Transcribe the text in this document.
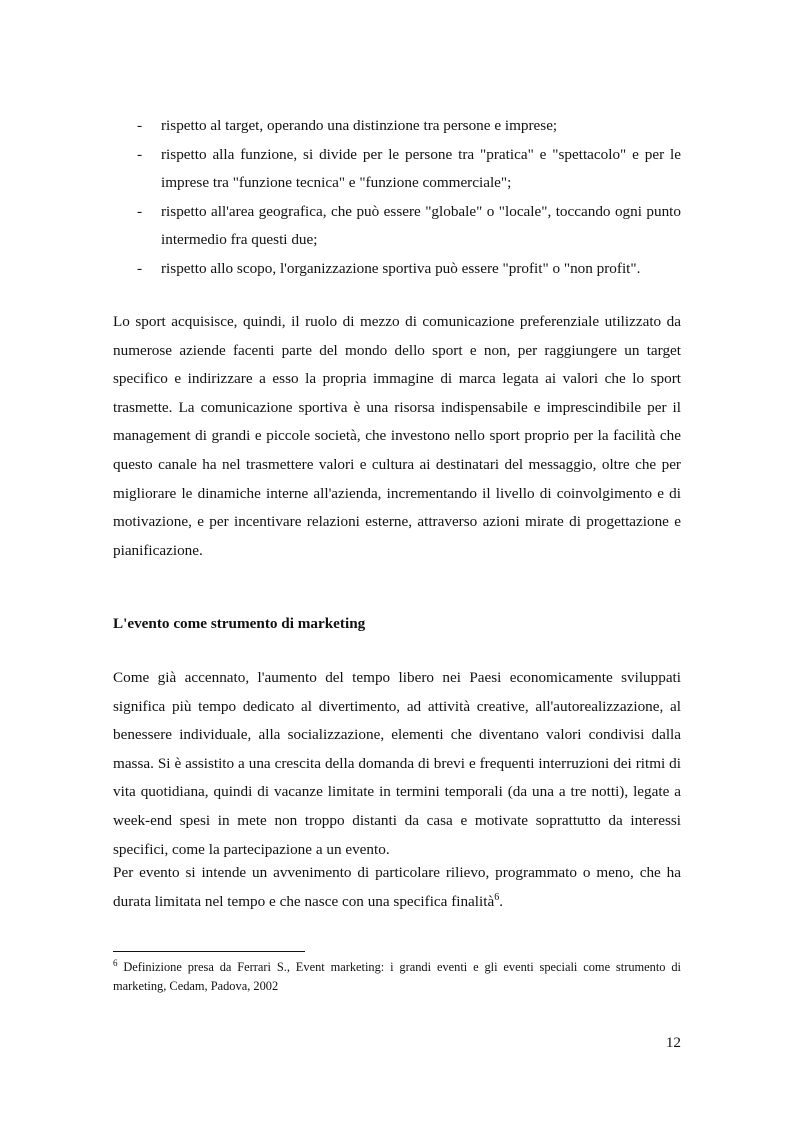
- rispetto al target, operando una distinzione tra persone e imprese;
- rispetto alla funzione, si divide per le persone tra "pratica" e "spettacolo" e per le imprese tra "funzione tecnica" e "funzione commerciale";
- rispetto all'area geografica, che può essere "globale" o "locale", toccando ogni punto intermedio fra questi due;
- rispetto allo scopo, l'organizzazione sportiva può essere "profit" o "non profit".

Lo sport acquisisce, quindi, il ruolo di mezzo di comunicazione preferenziale utilizzato da numerose aziende facenti parte del mondo dello sport e non, per raggiungere un target specifico e indirizzare a esso la propria immagine di marca legata ai valori che lo sport trasmette. La comunicazione sportiva è una risorsa indispensabile e imprescindibile per il management di grandi e piccole società, che investono nello sport proprio per la facilità che questo canale ha nel trasmettere valori e cultura ai destinatari del messaggio, oltre che per migliorare le dinamiche interne all'azienda, incrementando il livello di coinvolgimento e di motivazione, e per incentivare relazioni esterne, attraverso azioni mirate di progettazione e pianificazione.

L'evento come strumento di marketing

Come già accennato, l'aumento del tempo libero nei Paesi economicamente sviluppati significa più tempo dedicato al divertimento, ad attività creative, all'autorealizzazione, al benessere individuale, alla socializzazione, elementi che diventano valori condivisi dalla massa. Si è assistito a una crescita della domanda di brevi e frequenti interruzioni dei ritmi di vita quotidiana, quindi di vacanze limitate in termini temporali (da una a tre notti), legate a week-end spesi in mete non troppo distanti da casa e motivate soprattutto da interessi specifici, come la partecipazione a un evento.

Per evento si intende un avvenimento di particolare rilievo, programmato o meno, che ha durata limitata nel tempo e che nasce con una specifica finalità$^6$.

$^6$ Definizione presa da Ferrari S., Event marketing: i grandi eventi e gli eventi speciali come strumento di marketing, Cedam, Padova, 2002

12
